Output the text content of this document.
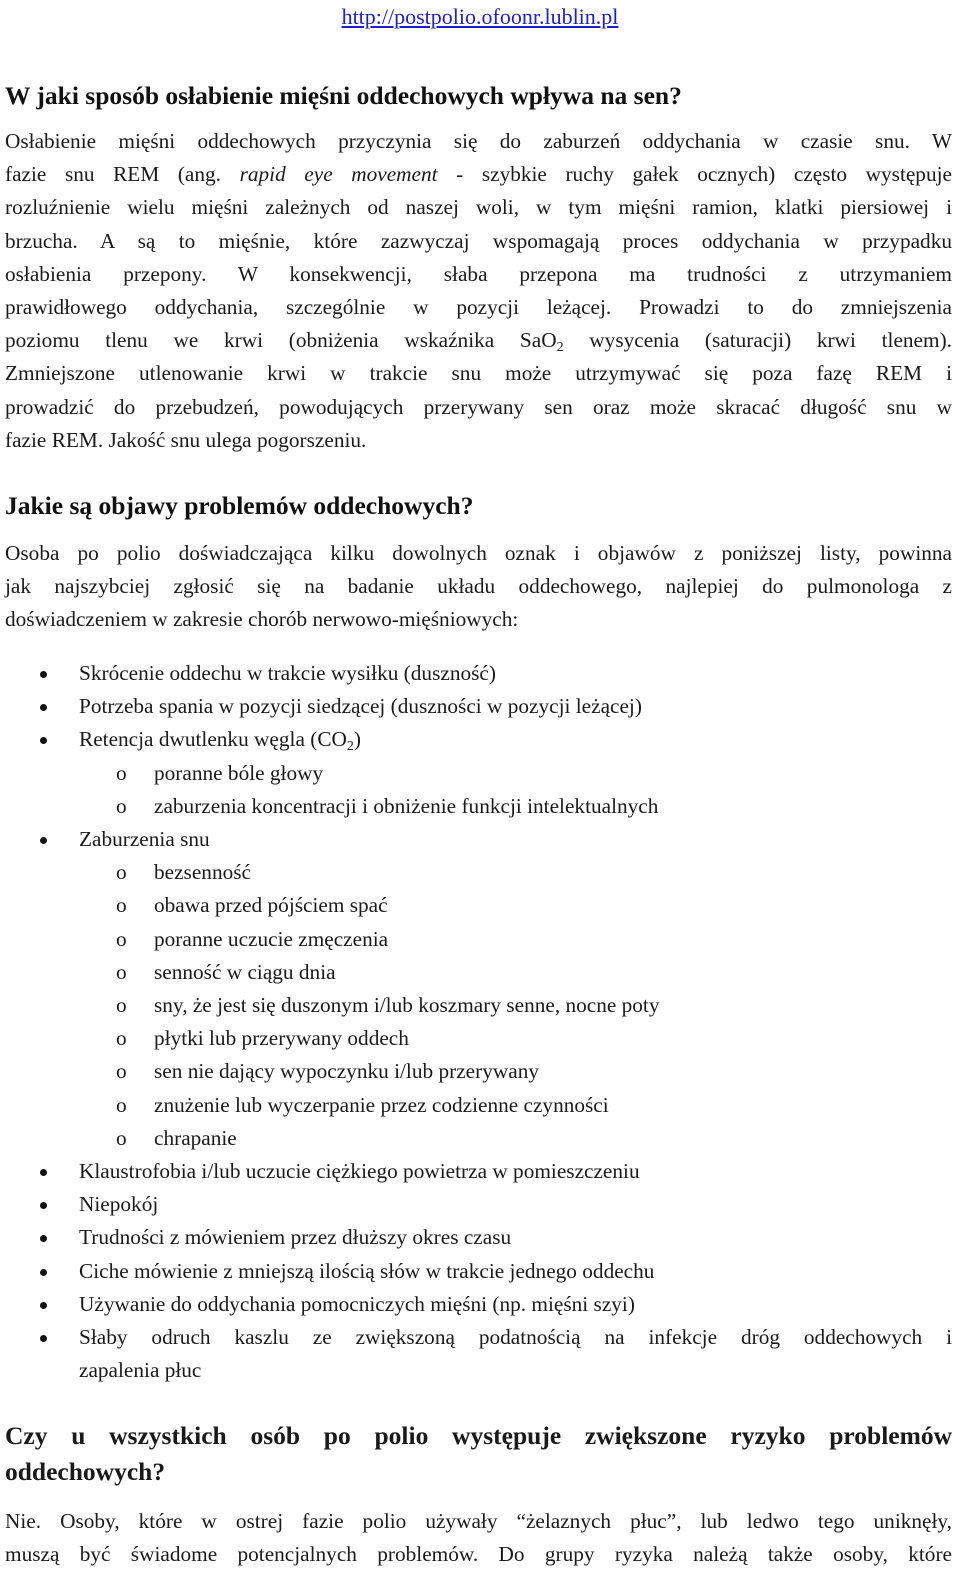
http://postpolio.ofoonr.lublin.pl
W jaki sposób osłabienie mięśni oddechowych wpływa na sen?
Osłabienie mięśni oddechowych przyczynia się do zaburzeń oddychania w czasie snu. W
fazie snu REM (ang. rapid eye movement - szybkie ruchy gałek ocznych) często występuje
rozluźnienie wielu mięśni zależnych od naszej woli, w tym mięśni ramion, klatki piersiowej i
brzucha. A są to mięśnie, które zazwyczaj wspomagają proces oddychania w przypadku
osłabienia przepony. W konsekwencji, słaba przepona ma trudności z utrzymaniem
prawidłowego oddychania, szczególnie w pozycji leżącej. Prowadzi to do zmniejszenia
poziomu tlenu we krwi (obniżenia wskaźnika SaO$_2$ wysycenia (saturacji) krwi tlenem).
Zmniejszone utlenowanie krwi w trakcie snu może utrzymywać się poza fazę REM i
prowadzić do przebudzeń, powodujących przerywany sen oraz może skracać długość snu w
fazie REM. Jakość snu ulega pogorszeniu.
Jakie są objawy problemów oddechowych?
Osoba po polio doświadczająca kilku dowolnych oznak i objawów z poniższej listy, powinna
jak najszybciej zgłosić się na badanie układu oddechowego, najlepiej do pulmonologa z
doświadczeniem w zakresie chorób nerwowo-mięśniowych:
Skrócenie oddechu w trakcie wysiłku (duszność)
Potrzeba spania w pozycji siedzącej (duszności w pozycji leżącej)
Retencja dwutlenku węgla $(CO_2)$
o poranne bóle głowy
o zaburzenia koncentracji i obniżenie funkcji intelektualnych
Zaburzenia snu
o bezsenność
o obawa przed pójściem spać
o poranne uczucie zmęczenia
o senność w ciągu dnia
o sny, że jest się duszonym i/lub koszmary senne, nocne poty
o płytki lub przerywany oddech
o sen nie dający wypoczynku i/lub przerywany
o znużenie lub wyczerpanie przez codzienne czynności
o chrapanie
Klaustrofobia i/lub uczucie ciężkiego powietrza w pomieszczeniu
Niepokój
Trudności z mówieniem przez dłuższy okres czasu
Ciche mówienie z mniejszą ilością słów w trakcie jednego oddechu
Używanie do oddychania pomocniczych mięśni (np. mięśni szyi)
Słaby odruch kaszlu ze zwiększoną podatnością na infekcje dróg oddechowych i
zapalenia płuc
Czy u wszystkich osób po polio występuje zwiększone ryzyko problemów
oddechowych?
Nie. Osoby, które w ostrej fazie polio używały “żelaznych płuc”, lub ledwo tego uniknęły,
muszą być świadome potencjalnych problemów. Do grupy ryzyka należą także osoby, które
